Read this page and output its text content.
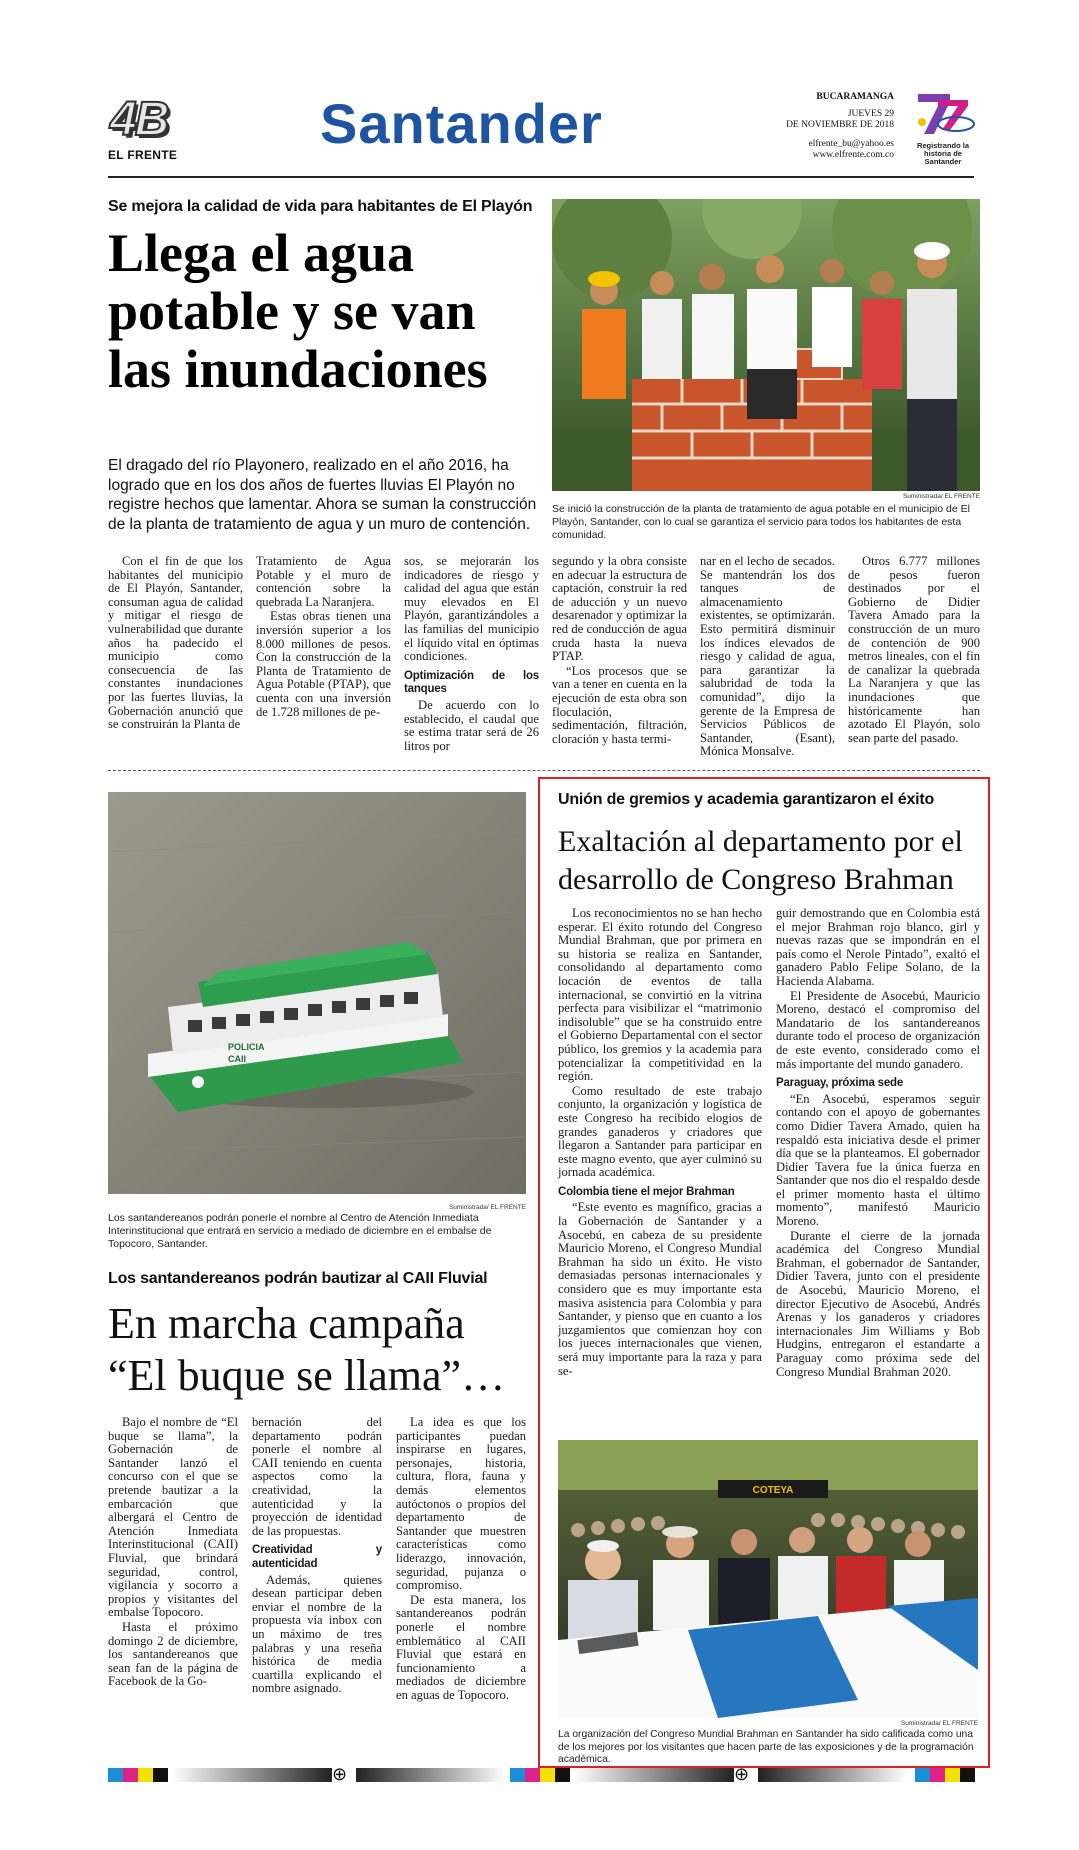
4B
EL FRENTE	Santander	BUCARAMANGA
JUEVES 29
DE NOVIEMBRE DE 2018
elfrente_bu@yahoo.es
www.elfrente.com.co
Registrando la historia de Santander
Se mejora la calidad de vida para habitantes de El Playón
Llega el agua
potable y se van
las inundaciones
El dragado del río Playonero, realizado en el año 2016, ha logrado que en los dos años de fuertes lluvias El Playón no registre hechos que lamentar. Ahora se suman la construcción de la planta de tratamiento de agua y un muro de contención.
Suministrada/ EL FRENTE
Se inició la construcción de la planta de tratamiento de agua potable en el municipio de El Playón, Santander, con lo cual se garantiza el servicio para todos los habitantes de esta comunidad.

Con el fin de que los habitantes del municipio de El Playón, Santander, consuman agua de calidad y mitigar el riesgo de vulnerabilidad que durante años ha padecido el municipio como consecuencia de las constantes inundaciones por las fuertes lluvias, la Gobernación anunció que se construirán la Planta de

Tratamiento de Agua Potable y el muro de contención sobre la quebrada La Naranjera.

Estas obras tienen una inversión superior a los 8.000 millones de pesos. Con la construcción de la Planta de Tratamiento de Agua Potable (PTAP), que cuenta con una inversión de 1.728 millones de pe-

sos, se mejorarán los indicadores de riesgo y calidad del agua que están muy elevados en El Playón, garantizándoles a las familias del municipio el líquido vital en óptimas condiciones.

Optimización de los tanques

De acuerdo con lo establecido, el caudal que se estima tratar será de 26 litros por

segundo y la obra consiste en adecuar la estructura de captación, construir la red de aducción y un nuevo desarenador y optimizar la red de conducción de agua cruda hasta la nueva PTAP.

“Los procesos que se van a tener en cuenta en la ejecución de esta obra son floculación, sedimentación, filtración, cloración y hasta termi-

nar en el lecho de secados. Se mantendrán los dos tanques de almacenamiento existentes, se optimizarán. Esto permitirá disminuir los índices elevados de riesgo y calidad de agua, para garantizar la salubridad de toda la comunidad”, dijo la gerente de la Empresa de Servicios Públicos de Santander, (Esant), Mónica Monsalve.

Otros 6.777 millones de pesos fueron destinados por el Gobierno de Didier Tavera Amado para la construcción de un muro de contención de 900 metros lineales, con el fin de canalizar la quebrada La Naranjera y que las inundaciones que históricamente han azotado El Playón, solo sean parte del pasado.

POLICIA
CAII
Suministrada/ EL FRENTE
Los santandereanos podrán ponerle el nombre al Centro de Atención Inmediata Interinstitucional que entrará en servicio a mediado de diciembre en el embalse de Topocoro, Santander.
Los santandereanos podrán bautizar al CAII Fluvial
En marcha campaña
“El buque se llama”…

Bajo el nombre de “El buque se llama”, la Gobernación de Santander lanzó el concurso con el que se pretende bautizar a la embarcación que albergará el Centro de Atención Inmediata Interinstitucional (CAII) Fluvial, que brindará seguridad, control, vigilancia y socorro a propios y visitantes del embalse Topocoro.

Hasta el próximo domingo 2 de diciembre, los santandereanos que sean fan de la página de Facebook de la Go-

bernación del departamento podrán ponerle el nombre al CAII teniendo en cuenta aspectos como la creatividad, la autenticidad y la proyección de identidad de las propuestas.

Creatividad y autenticidad

Además, quienes desean participar deben enviar el nombre de la propuesta vía inbox con un máximo de tres palabras y una reseña histórica de media cuartilla explicando el nombre asignado.

La idea es que los participantes puedan inspirarse en lugares, personajes, historia, cultura, flora, fauna y demás elementos autóctonos o propios del departamento de Santander que muestren características como liderazgo, innovación, seguridad, pujanza o compromiso.

De esta manera, los santandereanos podrán ponerle el nombre emblemático al CAII Fluvial que estará en funcionamiento a mediados de diciembre en aguas de Topocoro.

Unión de gremios y academia garantizaron el éxito
Exaltación al departamento por el
desarrollo de Congreso Brahman

Los reconocimientos no se han hecho esperar. El éxito rotundo del Congreso Mundial Brahman, que por primera en su historia se realiza en Santander, consolidando al departamento como locación de eventos de talla internacional, se convirtió en la vitrina perfecta para visibilizar el “matrimonio indisoluble” que se ha construido entre el Gobierno Departamental con el sector público, los gremios y la academia para potencializar la competitividad en la región.

Como resultado de este trabajo conjunto, la organización y logística de este Congreso ha recibido elogios de grandes ganaderos y criadores que llegaron a Santander para participar en este magno evento, que ayer culminó su jornada académica.

Colombia tiene el mejor Brahman

“Este evento es magnífico, gracias a la Gobernación de Santander y a Asocebú, en cabeza de su presidente Mauricio Moreno, el Congreso Mundial Brahman ha sido un éxito. He visto demasiadas personas internacionales y considero que es muy importante esta masiva asistencia para Colombia y para Santander, y pienso que en cuanto a los juzgamientos que comienzan hoy con los jueces internacionales que vienen, será muy importante para la raza y para se-

guir demostrando que en Colombia está el mejor Brahman rojo blanco, girl y nuevas razas que se impondrán en el país como el Nerole Pintado”, exaltó el ganadero Pablo Felipe Solano, de la Hacienda Alabama.

El Presidente de Asocebú, Mauricio Moreno, destacó el compromiso del Mandatario de los santandereanos durante todo el proceso de organización de este evento, considerado como el más importante del mundo ganadero.

Paraguay, próxima sede

“En Asocebú, esperamos seguir contando con el apoyo de gobernantes como Didier Tavera Amado, quien ha respaldó esta iniciativa desde el primer día que se la planteamos. El gobernador Didier Tavera fue la única fuerza en Santander que nos dio el respaldo desde el primer momento hasta el último momento”, manifestó Mauricio Moreno.

Durante el cierre de la jornada académica del Congreso Mundial Brahman, el gobernador de Santander, Didier Tavera, junto con el presidente de Asocebú, Mauricio Moreno, el director Ejecutivo de Asocebú, Andrés Arenas y los ganaderos y criadores internacionales Jim Williams y Bob Hudgins, entregaron el estandarte a Paraguay como próxima sede del Congreso Mundial Brahman 2020.

COTEYA
Suministrada/ EL FRENTE
La organización del Congreso Mundial Brahman en Santander ha sido calificada como una de los mejores por los visitantes que hacen parte de las exposiciones y de la programación académica.
⊕	⊕
